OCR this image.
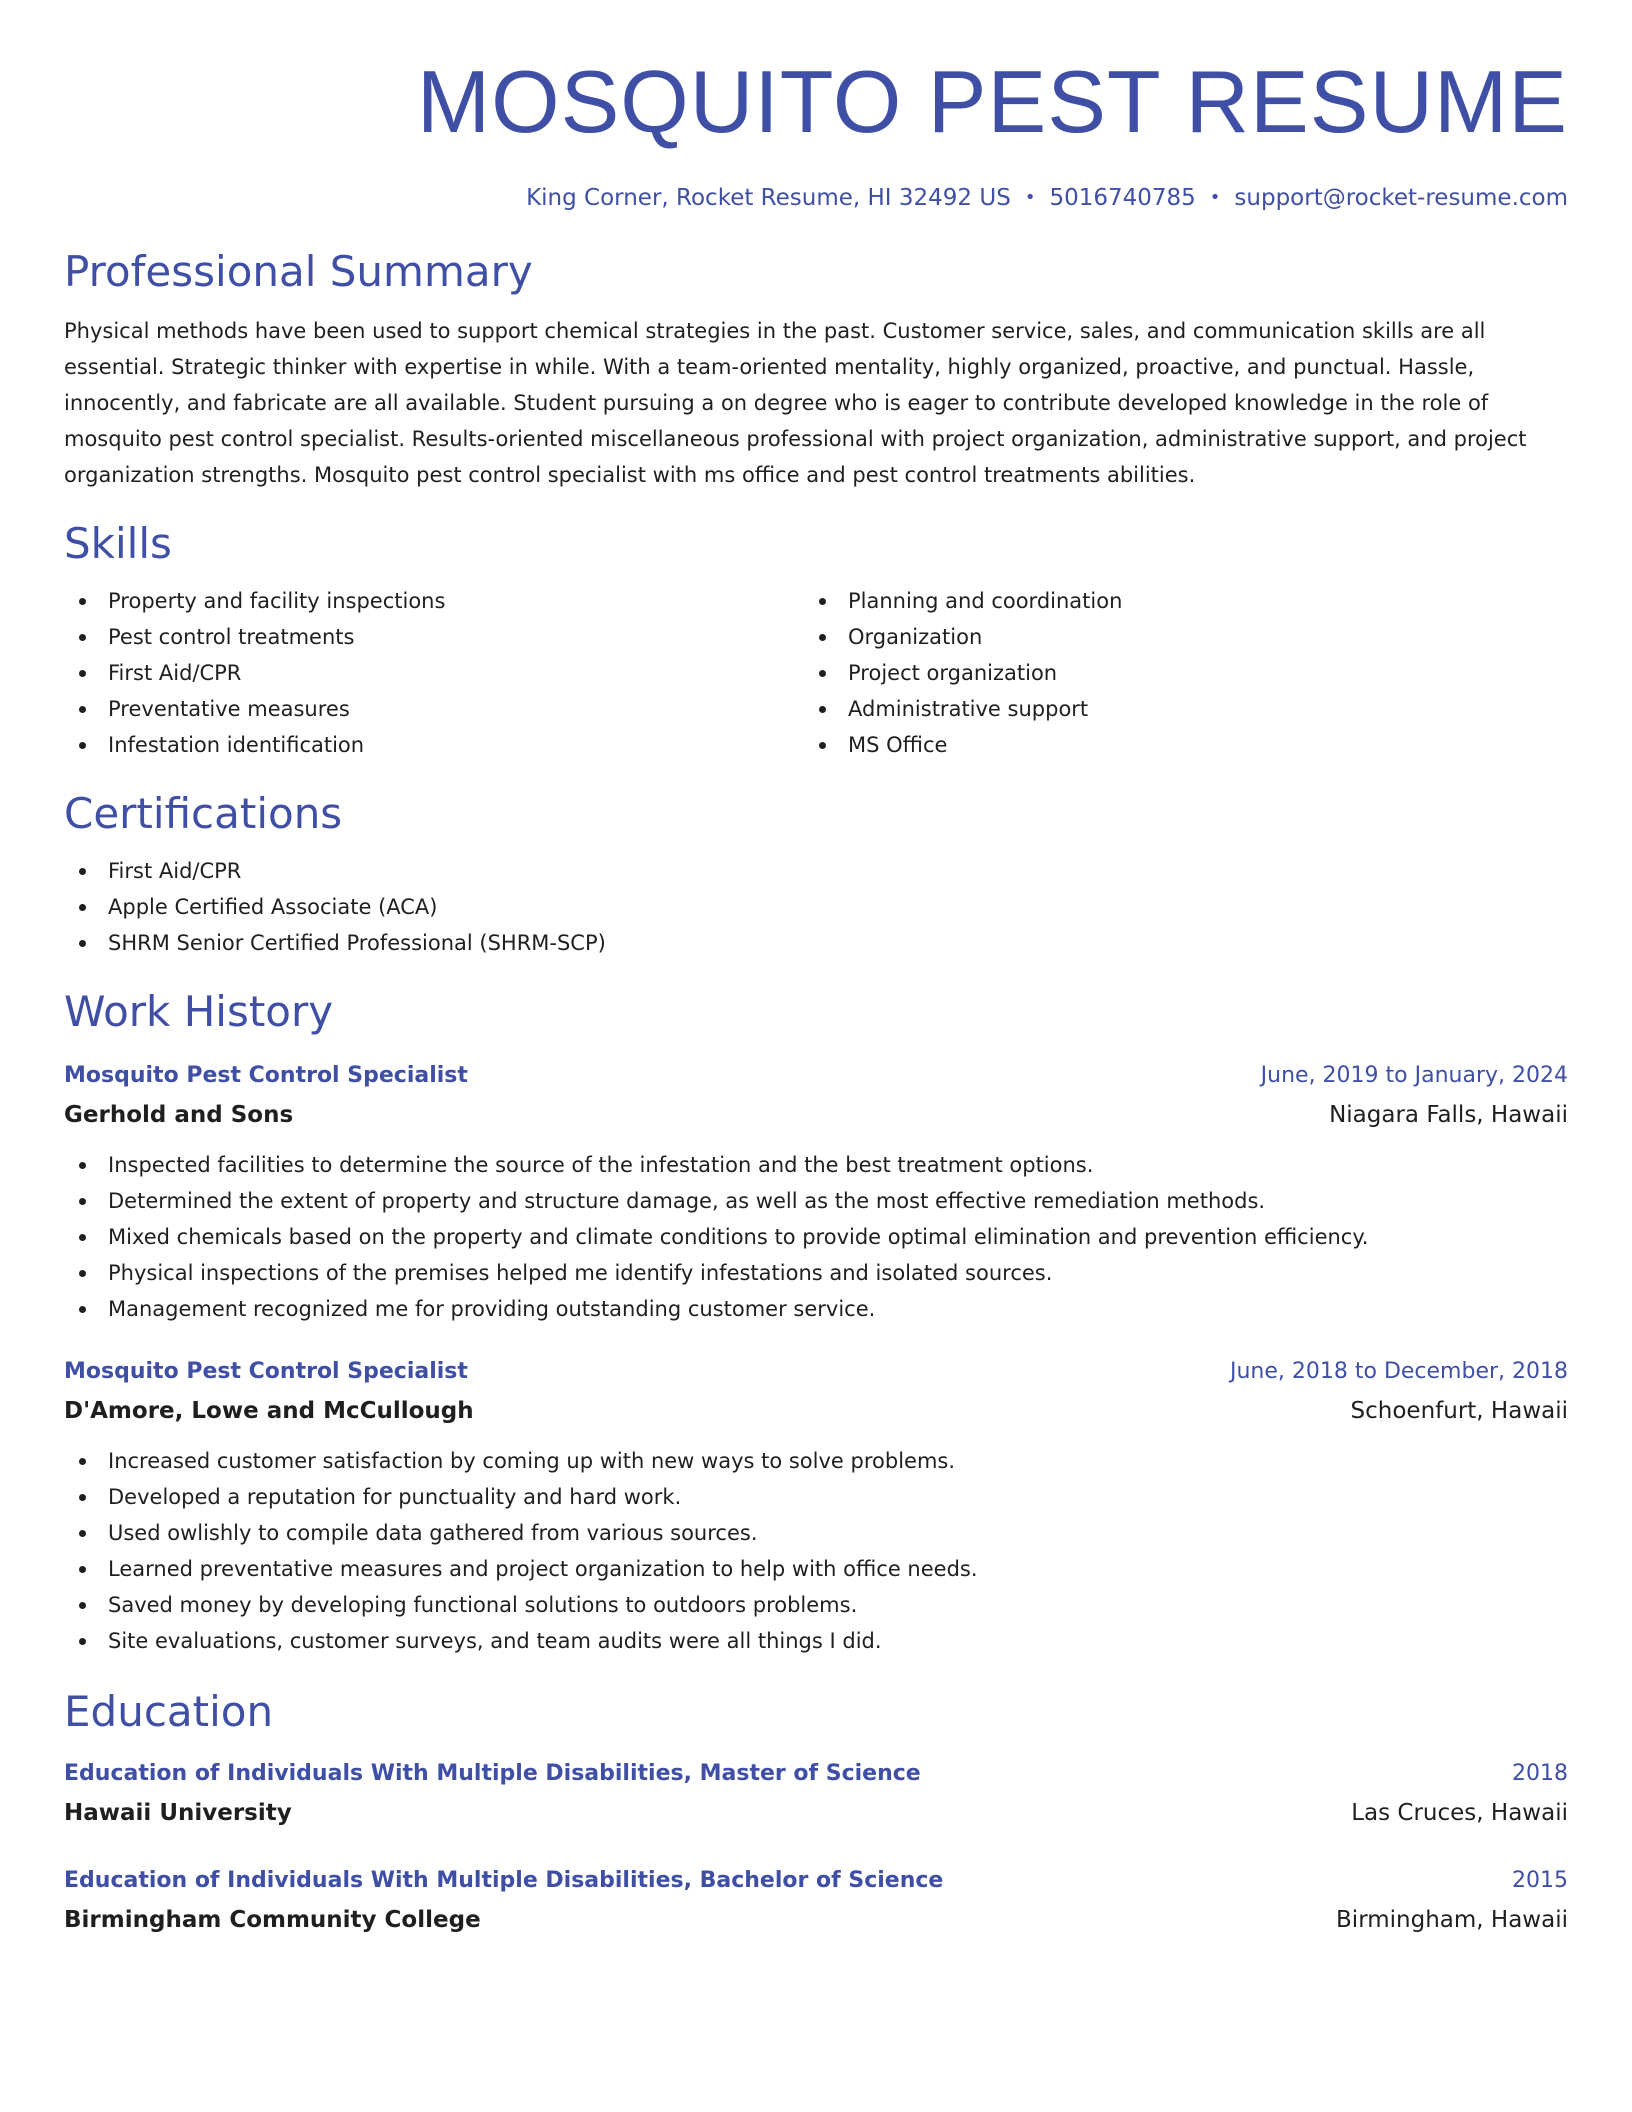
MOSQUITO PEST RESUME
King Corner, Rocket Resume, HI 32492 US • 5016740785 • support@rocket-resume.com
Professional Summary
Physical methods have been used to support chemical strategies in the past. Customer service, sales, and communication skills are all essential. Strategic thinker with expertise in while. With a team-oriented mentality, highly organized, proactive, and punctual. Hassle, innocently, and fabricate are all available. Student pursuing a on degree who is eager to contribute developed knowledge in the role of mosquito pest control specialist. Results-oriented miscellaneous professional with project organization, administrative support, and project organization strengths. Mosquito pest control specialist with ms office and pest control treatments abilities.
Skills
Property and facility inspections
Pest control treatments
First Aid/CPR
Preventative measures
Infestation identification
Planning and coordination
Organization
Project organization
Administrative support
MS Office
Certifications
First Aid/CPR
Apple Certified Associate (ACA)
SHRM Senior Certified Professional (SHRM-SCP)
Work History
Mosquito Pest Control Specialist	June, 2019 to January, 2024
Gerhold and Sons	Niagara Falls, Hawaii
Inspected facilities to determine the source of the infestation and the best treatment options.
Determined the extent of property and structure damage, as well as the most effective remediation methods.
Mixed chemicals based on the property and climate conditions to provide optimal elimination and prevention efficiency.
Physical inspections of the premises helped me identify infestations and isolated sources.
Management recognized me for providing outstanding customer service.
Mosquito Pest Control Specialist	June, 2018 to December, 2018
D'Amore, Lowe and McCullough	Schoenfurt, Hawaii
Increased customer satisfaction by coming up with new ways to solve problems.
Developed a reputation for punctuality and hard work.
Used owlishly to compile data gathered from various sources.
Learned preventative measures and project organization to help with office needs.
Saved money by developing functional solutions to outdoors problems.
Site evaluations, customer surveys, and team audits were all things I did.
Education
Education of Individuals With Multiple Disabilities, Master of Science	2018
Hawaii University	Las Cruces, Hawaii
Education of Individuals With Multiple Disabilities, Bachelor of Science	2015
Birmingham Community College	Birmingham, Hawaii
